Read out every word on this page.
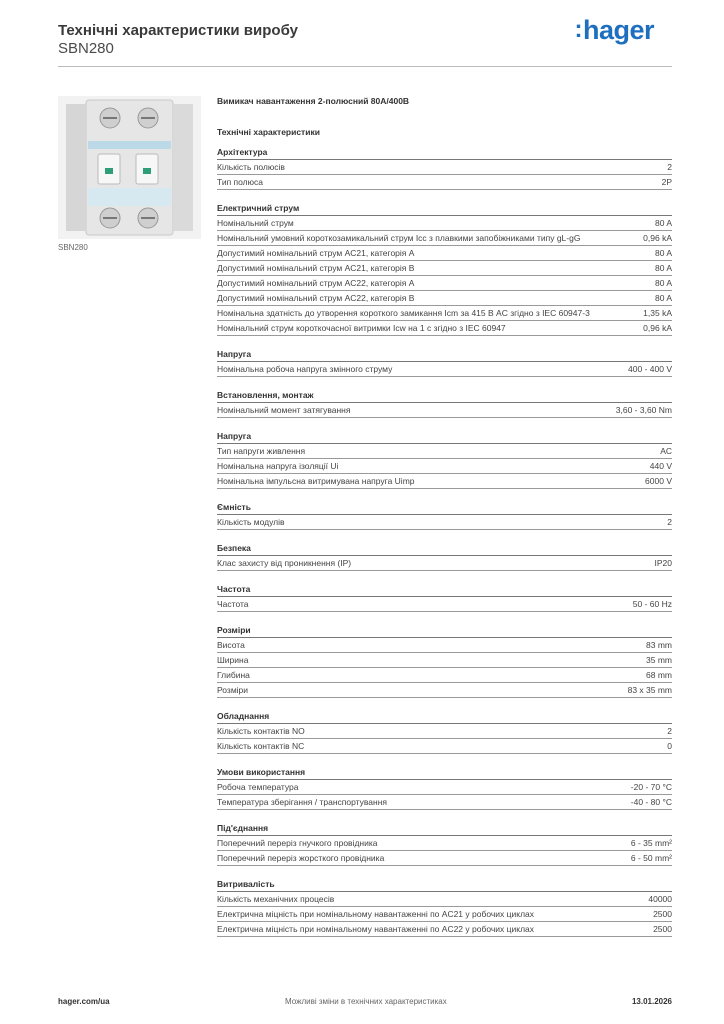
Технічні характеристики виробу
SBN280
:hager
SBN280
Вимикач навантаження 2-полюсний 80А/400В
Технічні характеристики
Архітектура
Кількість полюсів	2
Тип полюса	2P
Електричний струм
Номінальний струм	80 A
Номінальний умовний короткозамикальний струм Icc з плавкими запобіжниками типу gL-gG	0,96 kA
Допустимий номінальний струм AC21, категорія А	80 A
Допустимий номінальний струм AC21, категорія В	80 A
Допустимий номінальний струм AC22, категорія А	80 A
Допустимий номінальний струм AC22, категорія В	80 A
Номінальна здатність до утворення короткого замикання Icm за 415 В AC згідно з IEC 60947-3	1,35 kA
Номінальний струм короткочасної витримки Icw на 1 с згідно з IEC 60947	0,96 kA
Напруга
Номінальна робоча напруга змінного струму	400 - 400 V
Встановлення, монтаж
Номінальний момент затягування	3,60 - 3,60 Nm
Напруга
Тип напруги живлення	AC
Номінальна напруга ізоляції Ui	440 V
Номінальна імпульсна витримувана напруга Uimp	6000 V
Ємність
Кількість модулів	2
Безпека
Клас захисту від проникнення (IP)	IP20
Частота
Частота	50 - 60 Hz
Розміри
Висота	83 mm
Ширина	35 mm
Глибина	68 mm
Розміри	83 x 35 mm
Обладнання
Кількість контактів NO	2
Кількість контактів NC	0
Умови використання
Робоча температура	-20 - 70 °C
Температура зберігання / транспортування	-40 - 80 °C
Під'єднання
Поперечний переріз гнучкого провідника	6 - 35 mm²
Поперечний переріз жорсткого провідника	6 - 50 mm²
Витривалість
Кількість механічних процесів	40000
Електрична міцність при номінальному навантаженні по AC21 у робочих циклах	2500
Електрична міцність при номінальному навантаженні по AC22 у робочих циклах	2500
hager.com/ua	Можливі зміни в технічних характеристиках	13.01.2026
